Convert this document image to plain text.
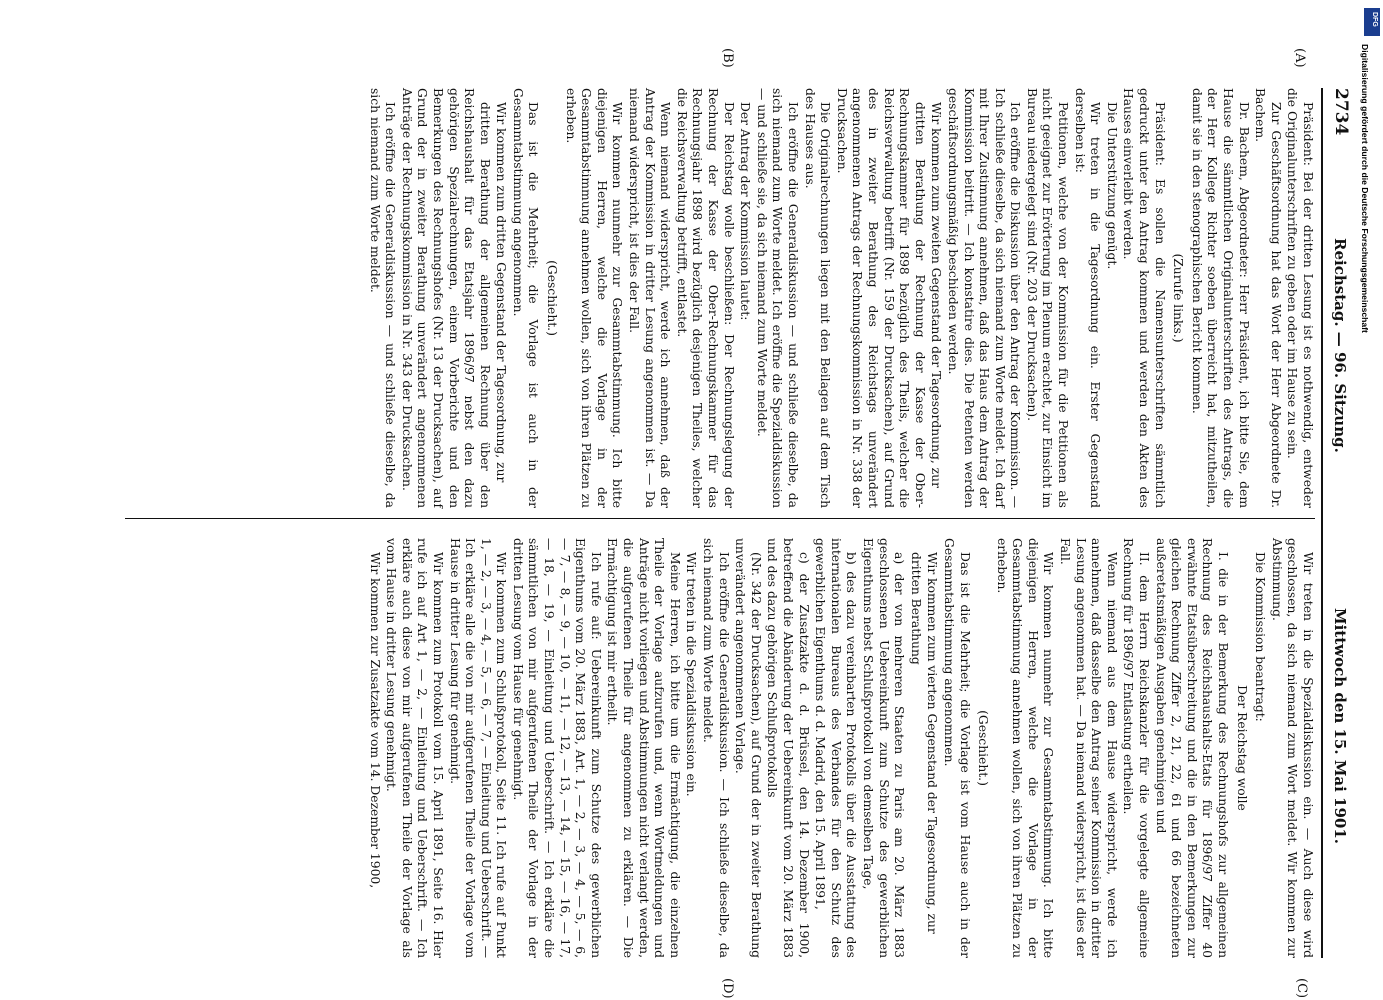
2734
Reichstag. — 96. Sitzung.
Mittwoch den 15. Mai 1901.
(A)
(B)
(C)
(D)

Präsident: Bei der dritten Lesung ist es nothwendig, entweder die Originalunterschriften zu geben oder im Hause zu sein.

Zur Geschäftsordnung hat das Wort der Herr Abgeordnete Dr. Bachem.

Dr. Bachem, Abgeordneter: Herr Präsident, ich bitte Sie, dem Hause die sämmtlichen Originalunterschriften des Antrags, die der Herr Kollege Richter soeben überreicht hat, mitzutheilen, damit sie in den stenographischen Bericht kommen.

(Zurufe links.)

Präsident: Es sollen die Namensunterschriften sämmtlich gedruckt unter den Antrag kommen und werden den Akten des Hauses einverleibt werden.

Die Unterstützung genügt.

Wir treten in die Tagesordnung ein. Erster Gegenstand derselben ist:

Petitionen, welche von der Kommission für die Petitionen als nicht geeignet zur Erörterung im Plenum erachtet, zur Einsicht im Bureau niedergelegt sind (Nr. 203 der Drucksachen).

Ich eröffne die Diskussion über den Antrag der Kommission. — Ich schließe dieselbe, da sich niemand zum Worte meldet. Ich darf mit Ihrer Zustimmung annehmen, daß das Haus dem Antrag der Kommission beitritt. — Ich konstatire dies. Die Petenten werden geschäftsordnungsmäßig beschieden werden.

Wir kommen zum zweiten Gegenstand der Tagesordnung, zur

dritten Berathung der Rechnung der Kasse der Ober-Rechnungskammer für 1898 bezüglich des Theils, welcher die Reichsverwaltung betrifft (Nr. 159 der Drucksachen), auf Grund des in zweiter Berathung des Reichstags unverändert angenommenen Antrags der Rechnungskommission in Nr. 338 der Drucksachen.

Die Originalrechnungen liegen mit den Beilagen auf dem Tisch des Hauses aus.

Ich eröffne die Generaldiskussion — und schließe dieselbe, da sich niemand zum Worte meldet. Ich eröffne die Spezialdiskussion — und schließe sie, da sich niemand zum Worte meldet.

Der Antrag der Kommission lautet:

Der Reichstag wolle beschließen: Der Rechnungslegung der Rechnung der Kasse der Ober-Rechnungskammer für das Rechnungsjahr 1898 wird bezüglich desjenigen Theiles, welcher die Reichsverwaltung betrifft, entlastet.

Wenn niemand widerspricht, werde ich annehmen, daß der Antrag der Kommission in dritter Lesung angenommen ist. — Da niemand widerspricht, ist dies der Fall.

Wir kommen nunmehr zur Gesammtabstimmung. Ich bitte diejenigen Herren, welche die Vorlage in der Gesammtabstimmung annehmen wollen, sich von ihren Plätzen zu erheben.

(Geschieht.)

Das ist die Mehrheit; die Vorlage ist auch in der Gesammtabstimmung angenommen.

Wir kommen zum dritten Gegenstand der Tagesordnung, zur

dritten Berathung der allgemeinen Rechnung über den Reichshaushalt für das Etatsjahr 1896/97 nebst den dazu gehörigen Spezialrechnungen, einem Vorberichte und den Bemerkungen des Rechnungshofes (Nr. 13 der Drucksachen), auf Grund der in zweiter Berathung unverändert angenommenen Anträge der Rechnungskommission in Nr. 343 der Drucksachen.

Ich eröffne die Generaldiskussion — und schließe dieselbe, da sich niemand zum Worte meldet.

Wir treten in die Spezialdiskussion ein. — Auch diese wird geschlossen, da sich niemand zum Wort meldet. Wir kommen zur Abstimmung.

Die Kommission beantragt:

Der Reichstag wolle

I. die in der Bemerkung des Rechnungshofs zur allgemeinen Rechnung des Reichshaushalts-Etats für 1896/97 Ziffer 40 erwähnte Etatsüberschreitung und die in den Bemerkungen zur gleichen Rechnung Ziffer 2, 21, 22, 61 und 66 bezeichneten außeretatsmäßigen Ausgaben genehmigen und

II. dem Herrn Reichskanzler für die vorgelegte allgemeine Rechnung für 1896/97 Entlastung ertheilen.

Wenn niemand aus dem Hause widerspricht, werde ich annehmen, daß dasselbe den Antrag seiner Kommission in dritter Lesung angenommen hat. — Da niemand widerspricht, ist dies der Fall.

Wir kommen nunmehr zur Gesammtabstimmung. Ich bitte diejenigen Herren, welche die Vorlage in der Gesammtabstimmung annehmen wollen, sich von ihren Plätzen zu erheben.

(Geschieht.)

Das ist die Mehrheit; die Vorlage ist vom Hause auch in der Gesammtabstimmung angenommen.

Wir kommen zum vierten Gegenstand der Tagesordnung, zur

dritten Berathung

a) der von mehreren Staaten zu Paris am 20. März 1883 geschlossenen Uebereinkunft zum Schutze des gewerblichen Eigenthums nebst Schlußprotokoll von demselben Tage,

b) des dazu vereinbarten Protokolls über die Ausstattung des internationalen Bureaus des Verbandes für den Schutz des gewerblichen Eigenthums d. d. Madrid, den 15. April 1891,

c) der Zusatzakte d. d. Brüssel, den 14. Dezember 1900, betreffend die Abänderung der Uebereinkunft vom 20. März 1883 und des dazu gehörigen Schlußprotokolls

(Nr. 342 der Drucksachen), auf Grund der in zweiter Berathung unverändert angenommenen Vorlage.

Ich eröffne die Generaldiskussion. — Ich schließe dieselbe, da sich niemand zum Worte meldet.

Wir treten in die Spezialdiskussion ein.

Meine Herren, ich bitte um die Ermächtigung, die einzelnen Theile der Vorlage aufzurufen und, wenn Wortmeldungen und Anträge nicht vorliegen und Abstimmungen nicht verlangt werden, die aufgerufenen Theile für angenommen zu erklären. — Die Ermächtigung ist mir ertheilt.

Ich rufe auf: Uebereinkunft zum Schutze des gewerblichen Eigenthums vom 20. März 1883, Art. 1, — 2, — 3, — 4, — 5, — 6, — 7, — 8, — 9, — 10, — 11, — 12, — 13, — 14, — 15, — 16, — 17, — 18, — 19, — Einleitung und Ueberschrift. — Ich erkläre die sämmtlichen von mir aufgerufenen Theile der Vorlage in der dritten Lesung vom Hause für genehmigt.

Wir kommen zum Schlußprotokoll, Seite 11. Ich rufe auf Punkt 1, — 2, — 3, — 4, — 5, — 6, — 7, — Einleitung und Ueberschrift. — Ich erkläre alle die von mir aufgerufenen Theile der Vorlage vom Hause in dritter Lesung für genehmigt.

Wir kommen zum Protokoll vom 15. April 1891, Seite 16. Hier rufe ich auf Art 1, — 2, — Einleitung und Ueberschrift. — Ich erkläre auch diese von mir aufgerufenen Theile der Vorlage als vom Hause in dritter Lesung genehmigt.

Wir kommen zur Zusatzakte vom 14. Dezember 1900,

DFG
Digitalisierung gefördert durch die Deutsche Forschungsgemeinschaft
